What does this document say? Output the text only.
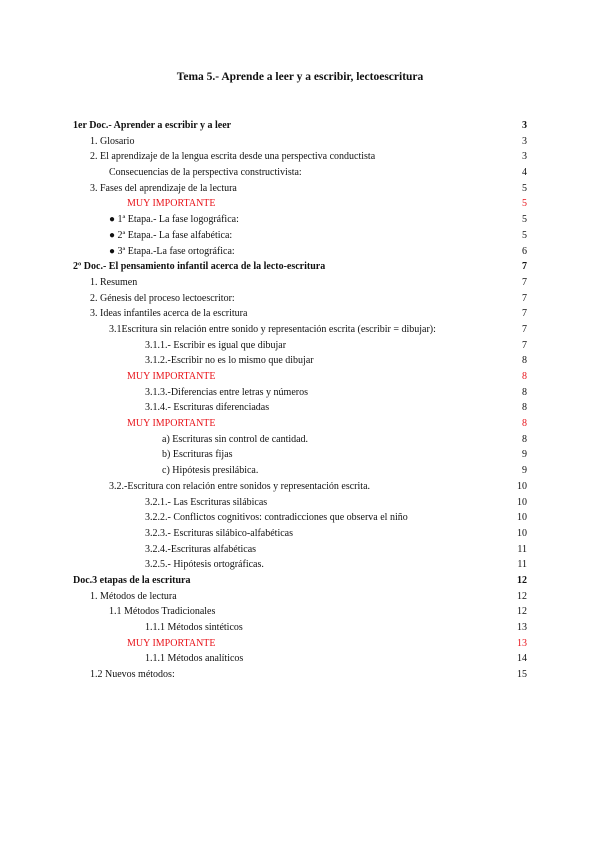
Tema 5.- Aprende a leer y a escribir, lectoescritura
1er Doc.- Aprender a escribir y a leer	3
1. Glosario	3
2. El aprendizaje de la lengua escrita desde una perspectiva conductista	3
Consecuencias de la perspectiva constructivista:	4
3. Fases del aprendizaje de la lectura	5
MUY IMPORTANTE	5
● 1ª Etapa.- La fase logográfica:	5
● 2ª Etapa.- La fase alfabética:	5
● 3ª Etapa.-La fase ortográfica:	6
2º Doc.- El pensamiento infantil acerca de la lecto-escritura	7
1. Resumen	7
2. Génesis del proceso lectoescritor:	7
3. Ideas infantiles acerca de la escritura	7
3.1Escritura sin relación entre sonido y representación escrita (escribir = dibujar):	7
3.1.1.- Escribir es igual que dibujar	7
3.1.2.-Escribir no es lo mismo que dibujar	8
MUY IMPORTANTE	8
3.1.3.-Diferencias entre letras y números	8
3.1.4.- Escrituras diferenciadas	8
MUY IMPORTANTE	8
a) Escrituras sin control de cantidad.	8
b) Escrituras fijas	9
c) Hipótesis presilábica.	9
3.2.-Escritura con relación entre sonidos y representación escrita.	10
3.2.1.- Las Escrituras silábicas	10
3.2.2.- Conflictos cognitivos: contradicciones que observa el niño	10
3.2.3.- Escrituras silábico-alfabéticas	10
3.2.4.-Escrituras alfabéticas	11
3.2.5.- Hipótesis ortográficas.	11
Doc.3 etapas de la escritura	12
1. Métodos de lectura	12
1.1 Métodos Tradicionales	12
1.1.1 Métodos sintéticos	13
MUY IMPORTANTE	13
1.1.1 Métodos analíticos	14
1.2 Nuevos métodos:	15
